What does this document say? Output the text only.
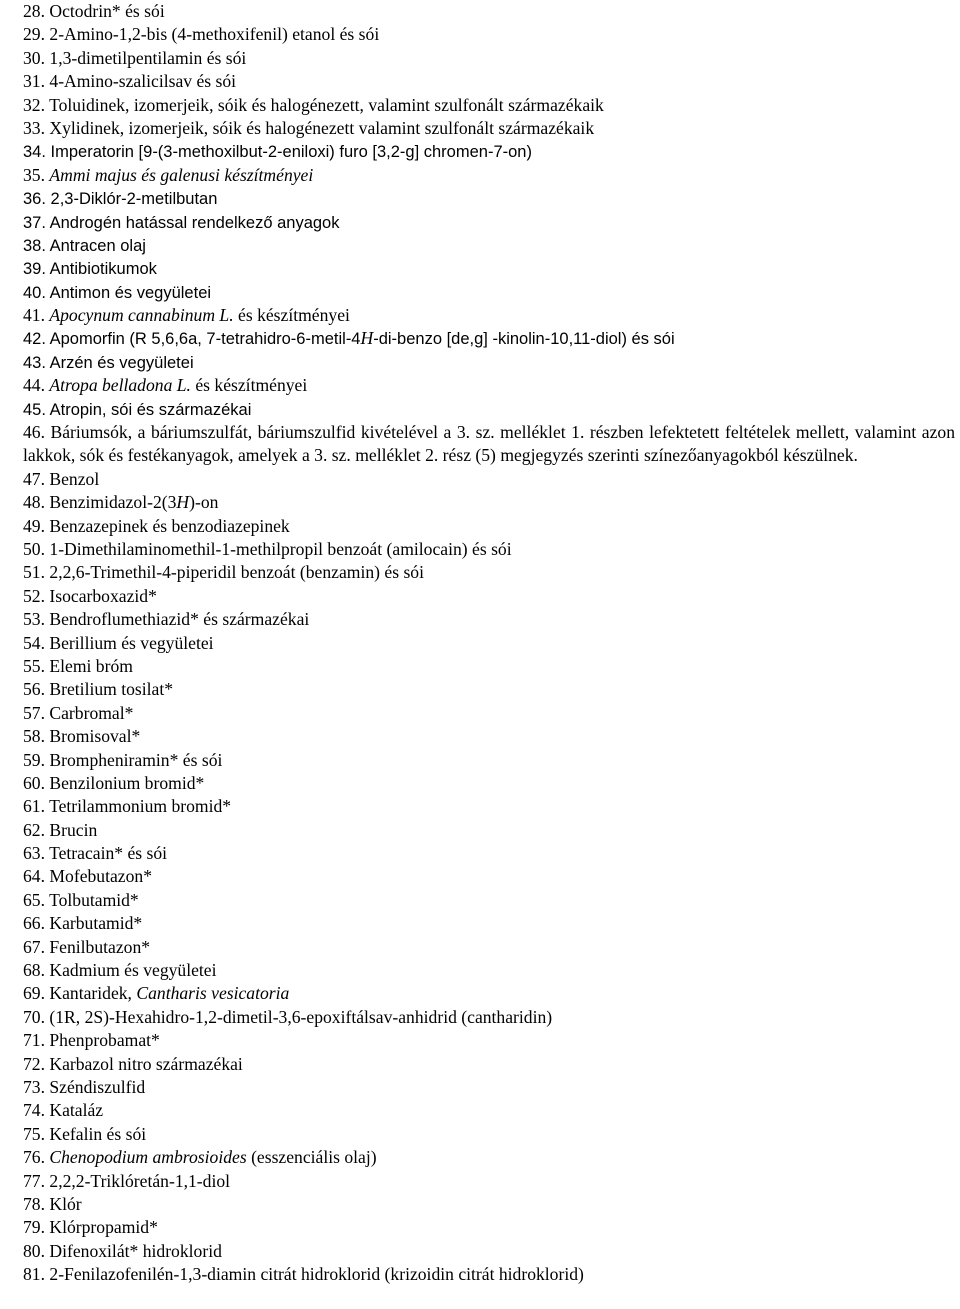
28. Octodrin* és sói
29. 2-Amino-1,2-bis (4-methoxifenil) etanol és sói
30. 1,3-dimetilpentilamin és sói
31. 4-Amino-szalicilsav és sói
32. Toluidinek, izomerjeik, sóik és halogénezett, valamint szulfonált származékaik
33. Xylidinek, izomerjeik, sóik és halogénezett valamint szulfonált származékaik
34. Imperatorin [9-(3-methoxilbut-2-eniloxi) furo [3,2-g] chromen-7-on)
35. Ammi majus és galenusi készítményei
36. 2,3-Diklór-2-metilbutan
37. Androgén hatással rendelkező anyagok
38. Antracen olaj
39. Antibiotikumok
40. Antimon és vegyületei
41. Apocynum cannabinum L. és készítményei
42. Apomorfin (R 5,6,6a, 7-tetrahidro-6-metil-4H-di-benzo [de,g] -kinolin-10,11-diol) és sói
43. Arzén és vegyületei
44. Atropa belladona L. és készítményei
45. Atropin, sói és származékai
46. Báriumsók, a báriumszulfát, báriumszulfid kivételével a 3. sz. melléklet 1. részben lefektetett feltételek mellett, valamint azon lakkok, sók és festékanyagok, amelyek a 3. sz. melléklet 2. rész (5) megjegyzés szerinti színezőanyagokból készülnek.
47. Benzol
48. Benzimidazol-2(3H)-on
49. Benzazepinek és benzodiazepinek
50. 1-Dimethilaminomethil-1-methilpropil benzoát (amilocain) és sói
51. 2,2,6-Trimethil-4-piperidil benzoát (benzamin) és sói
52. Isocarboxazid*
53. Bendroflumethiazid* és származékai
54. Berillium és vegyületei
55. Elemi bróm
56. Bretilium tosilat*
57. Carbromal*
58. Bromisoval*
59. Brompheniramin* és sói
60. Benzilonium bromid*
61. Tetrilammonium bromid*
62. Brucin
63. Tetracain* és sói
64. Mofebutazon*
65. Tolbutamid*
66. Karbutamid*
67. Fenilbutazon*
68. Kadmium és vegyületei
69. Kantaridek, Cantharis vesicatoria
70. (1R, 2S)-Hexahidro-1,2-dimetil-3,6-epoxiftálsav-anhidrid (cantharidin)
71. Phenprobamat*
72. Karbazol nitro származékai
73. Széndiszulfid
74. Kataláz
75. Kefalin és sói
76. Chenopodium ambrosioides (esszenciális olaj)
77. 2,2,2-Triklóretán-1,1-diol
78. Klór
79. Klórpropamid*
80. Difenoxilát* hidroklorid
81. 2-Fenilazofenilén-1,3-diamin citrát hidroklorid (krizoidin citrát hidroklorid)
